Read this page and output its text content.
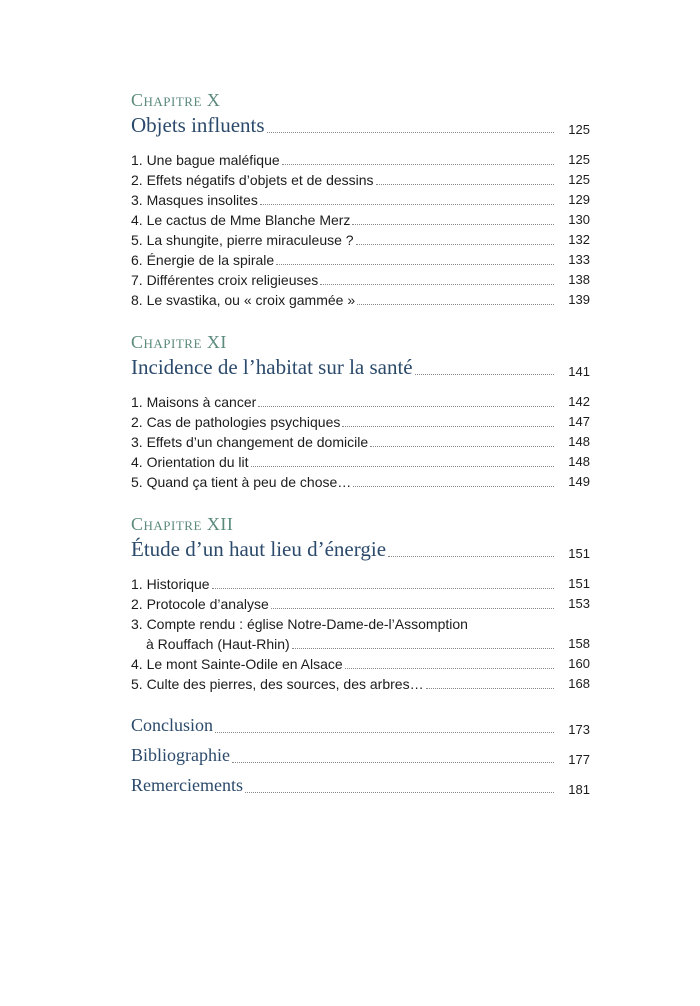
Chapitre X
Objets influents	125
1. Une bague maléfique	125
2. Effets négatifs d’objets et de dessins	125
3. Masques insolites	129
4. Le cactus de Mme Blanche Merz	130
5. La shungite, pierre miraculeuse ?	132
6. Énergie de la spirale	133
7. Différentes croix religieuses	138
8. Le svastika, ou « croix gammée »	139
Chapitre XI
Incidence de l’habitat sur la santé	141
1. Maisons à cancer	142
2. Cas de pathologies psychiques	147
3. Effets d’un changement de domicile	148
4. Orientation du lit	148
5. Quand ça tient à peu de chose…	149
Chapitre XII
Étude d’un haut lieu d’énergie	151
1. Historique	151
2. Protocole d’analyse	153
3. Compte rendu : église Notre-Dame-de-l’Assomption
à Rouffach (Haut-Rhin)	158
4. Le mont Sainte-Odile en Alsace	160
5. Culte des pierres, des sources, des arbres…	168
Conclusion	173
Bibliographie	177
Remerciements	181
